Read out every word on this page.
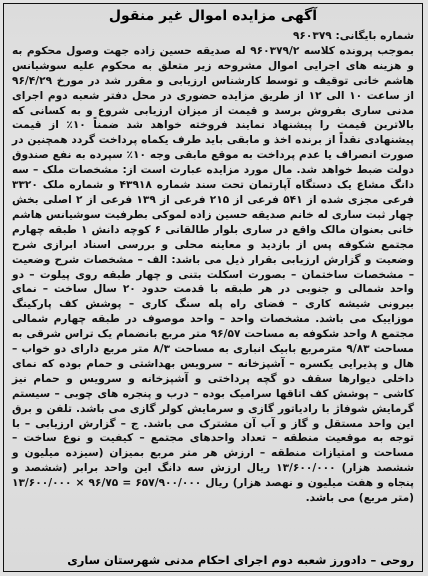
آگهی مزایده اموال غیر منقول
شماره بایگانی: ۹۶۰۳۷۹
بموجب پرونده کلاسه ۹۶۰۳۷۹/۲ له صدیقه حسین زاده جهت وصول محکوم به و هزینه های اجرایی اموال مشروحه زیر متعلق به محکوم علیه سوشیانس هاشم خانی توقیف و توسط کارشناس ارزیابی و مقرر شد در مورخ ۹۶/۴/۲۹ از ساعت ۱۰ الی ۱۲ از طریق مزایده حضوری در محل دفتر شعبه دوم اجرای مدنی ساری بفروش برسد و قیمت از میزان ارزیابی شروع و به کسانی که بالاترین قیمت را پیشنهاد نمایند فروخته خواهد شد ضمناً ۱۰٪ از قیمت پیشنهادی نقداً از برنده اخذ و مابقی باید طرف یکماه پرداخت گردد همچنین در صورت انصراف یا عدم پرداخت به موقع مابقی وجه ۱۰٪ سپرده به نفع صندوق دولت ضبط خواهد شد. مال مورد مزایده عبارت است از: مشخصات ملک – سه دانگ مشاع یک دستگاه آپارتمان تحت سند شماره ۴۳۹۱۸ و شماره ملک ۳۳۲۰ فرعی مجزی شده از ۵۴۱ فرعی از ۲۱۵ فرعی از ۱۳۹ فرعی از ۲ اصلی بخش چهار ثبت ساری له خانم صدیقه حسین زاده لموکی بطرفیت سوشیانس هاشم خانی بعنوان مالک واقع در ساری بلوار طالقانی ۶ کوچه دانش ۱ طبقه چهارم مجتمع شکوفه پس از بازدید و معاینه محلی و بررسی اسناد ابرازی شرح وضعیت و گزارش ارزیابی بقرار ذیل می باشد: الف – مشخصات شرح وضعیت – مشخصات ساختمان – بصورت اسکلت بتنی و چهار طبقه روی پیلوت – دو واحد شمالی و جنوبی در هر طبقه با قدمت حدود ۲۰ سال ساخت – نمای بیرونی شیشه کاری – فضای راه پله سنگ کاری – پوشش کف پارکینگ موزاییک می باشد. مشخصات واحد – واحد موصوف در طبقه چهارم شمالی مجتمع ۸ واحد شکوفه به مساحت ۹۶/۵۷ متر مربع بانضمام یک تراس شرقی به مساحت ۹/۸۳ مترمربع بابیک انباری به مساحت ۸/۳ متر مربع دارای دو خواب – هال و پذیرایی یکسره – آشپزخانه – سرویس بهداشتی و حمام بوده که نمای داخلی دیوارها سقف دو گچه پرداختی و آشپزخانه و سرویس و حمام نیز کاشی – پوشش کف اتاقها سرامیک بوده – درب و پنجره های چوبی – سیستم گرمایش شوفاژ با رادیاتور گازی و سرمایش کولر گازی می باشد. تلفن و برق این واحد مستقل و گاز و آب آن مشترک می باشد. ج – گزارش ارزیابی – با توجه به موقعیت منطقه – تعداد واحدهای مجتمع – کیفیت و نوع ساخت – مساحت و امتیازات منطقه – ارزش هر متر مربع بمیزان (سیزده میلیون و ششصد هزار) ۱۳/۶۰۰/۰۰۰ ریال ارزش سه دانگ این واحد برابر (ششصد و پنجاه و هفت میلیون و نهصد هزار) ریال ۶۵۷/۹۰۰/۰۰۰ = ۹۶/۷۵ × ۱۳/۶۰۰/۰۰۰ (متر مربع) می باشد.
روحی – دادورز شعبه دوم اجرای احکام مدنی شهرستان ساری
